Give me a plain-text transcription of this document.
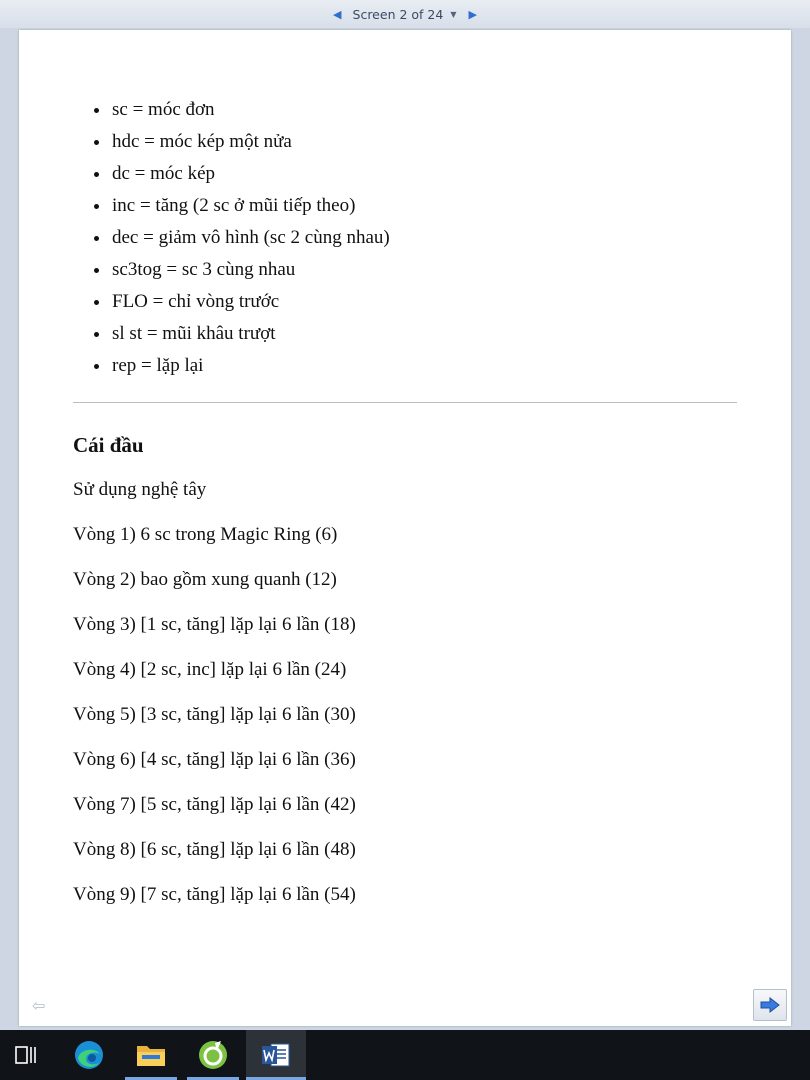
◀ Screen 2 of 24 ▼	▶
• sc = móc đơn
• hdc = móc kép một nửa
• dc = móc kép
• inc = tăng (2 sc ở mũi tiếp theo)
• dec = giảm vô hình (sc 2 cùng nhau)
• sc3tog = sc 3 cùng nhau
• FLO = chỉ vòng trước
• sl st = mũi khâu trượt
• rep = lặp lại
Cái đầu

Sử dụng nghệ tây

Vòng 1) 6 sc trong Magic Ring (6)

Vòng 2) bao gồm xung quanh (12)

Vòng 3) [1 sc, tăng] lặp lại 6 lần (18)

Vòng 4) [2 sc, inc] lặp lại 6 lần (24)

Vòng 5) [3 sc, tăng] lặp lại 6 lần (30)

Vòng 6) [4 sc, tăng] lặp lại 6 lần (36)

Vòng 7) [5 sc, tăng] lặp lại 6 lần (42)

Vòng 8) [6 sc, tăng] lặp lại 6 lần (48)

Vòng 9) [7 sc, tăng] lặp lại 6 lần (54)

⇦
